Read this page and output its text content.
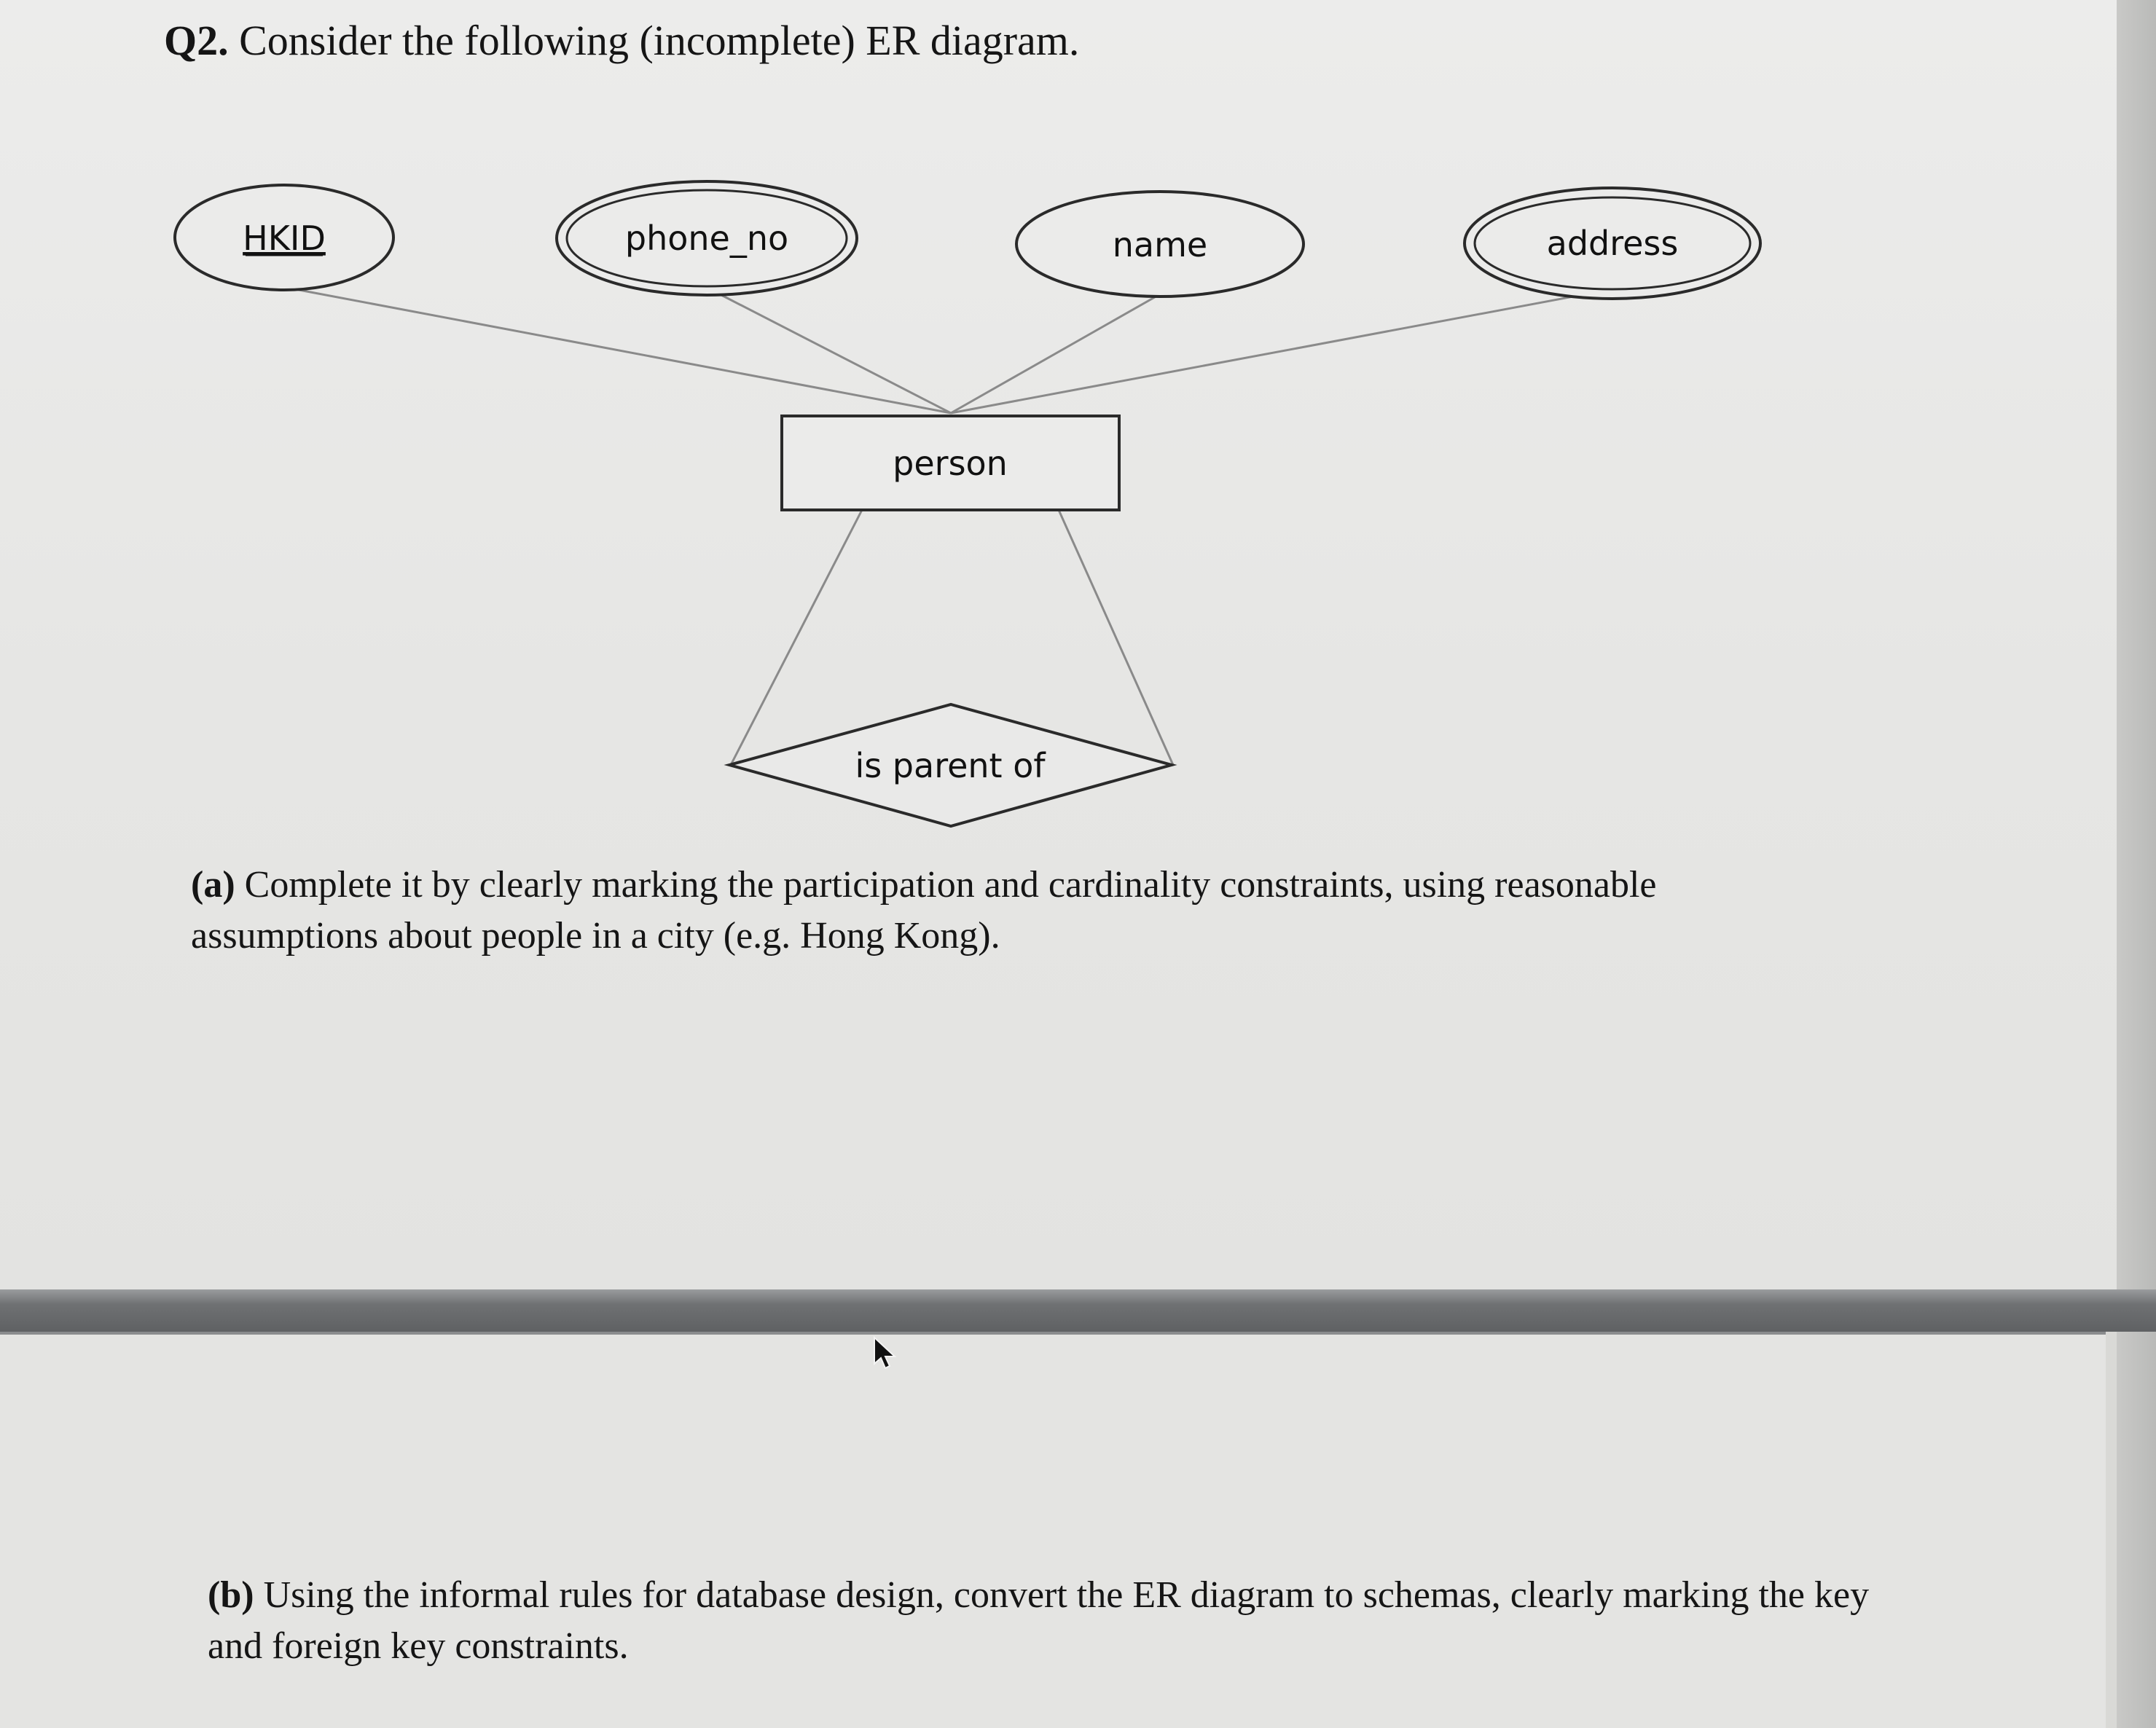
Q2. Consider the following (incomplete) ER diagram.

HKID	phone_no	name	address
person
is parent of

(a) Complete it by clearly marking the participation and cardinality constraints, using reasonable assumptions about people in a city (e.g. Hong Kong).

(b) Using the informal rules for database design, convert the ER diagram to schemas, clearly marking the key and foreign key constraints.
